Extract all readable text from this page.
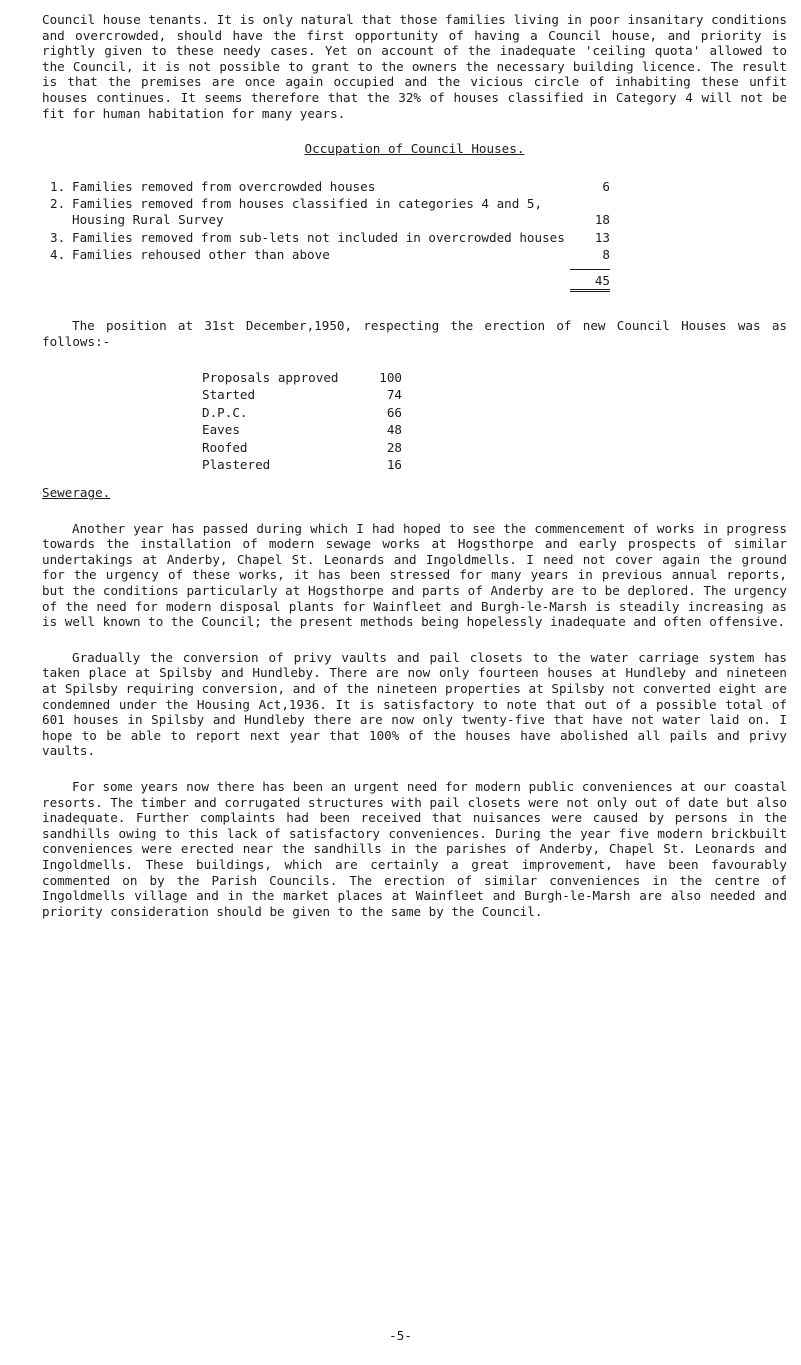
Council house tenants. It is only natural that those families living in poor insanitary conditions and overcrowded, should have the first opportunity of having a Council house, and priority is rightly given to these needy cases. Yet on account of the inadequate 'ceiling quota' allowed to the Council, it is not possible to grant to the owners the necessary building licence. The result is that the premises are once again occupied and the vicious circle of inhabiting these unfit houses continues. It seems therefore that the 32% of houses classified in Category 4 will not be fit for human habitation for many years.

Occupation of Council Houses.
1. Families removed from overcrowded houses	6
2. Families removed from houses classified in categories 4 and 5, Housing Rural Survey	18
3. Families removed from sub-lets not included in overcrowded houses	13
4. Families rehoused other than above	8
45

The position at 31st December,1950, respecting the erection of new Council Houses was as follows:-

Proposals approved	100
Started	74
D.P.C.	66
Eaves	48
Roofed	28
Plastered	16
Sewerage.

Another year has passed during which I had hoped to see the commencement of works in progress towards the installation of modern sewage works at Hogsthorpe and early prospects of similar undertakings at Anderby, Chapel St. Leonards and Ingoldmells. I need not cover again the ground for the urgency of these works, it has been stressed for many years in previous annual reports, but the conditions particularly at Hogsthorpe and parts of Anderby are to be deplored. The urgency of the need for modern disposal plants for Wainfleet and Burgh-le-Marsh is steadily increasing as is well known to the Council; the present methods being hopelessly inadequate and often offensive.

Gradually the conversion of privy vaults and pail closets to the water carriage system has taken place at Spilsby and Hundleby. There are now only fourteen houses at Hundleby and nineteen at Spilsby requiring conversion, and of the nineteen properties at Spilsby not converted eight are condemned under the Housing Act,1936. It is satisfactory to note that out of a possible total of 601 houses in Spilsby and Hundleby there are now only twenty-five that have not water laid on. I hope to be able to report next year that 100% of the houses have abolished all pails and privy vaults.

For some years now there has been an urgent need for modern public conveniences at our coastal resorts. The timber and corrugated structures with pail closets were not only out of date but also inadequate. Further complaints had been received that nuisances were caused by persons in the sandhills owing to this lack of satisfactory conveniences. During the year five modern brickbuilt conveniences were erected near the sandhills in the parishes of Anderby, Chapel St. Leonards and Ingoldmells. These buildings, which are certainly a great improvement, have been favourably commented on by the Parish Councils. The erection of similar conveniences in the centre of Ingoldmells village and in the market places at Wainfleet and Burgh-le-Marsh are also needed and priority consideration should be given to the same by the Council.

-5-
